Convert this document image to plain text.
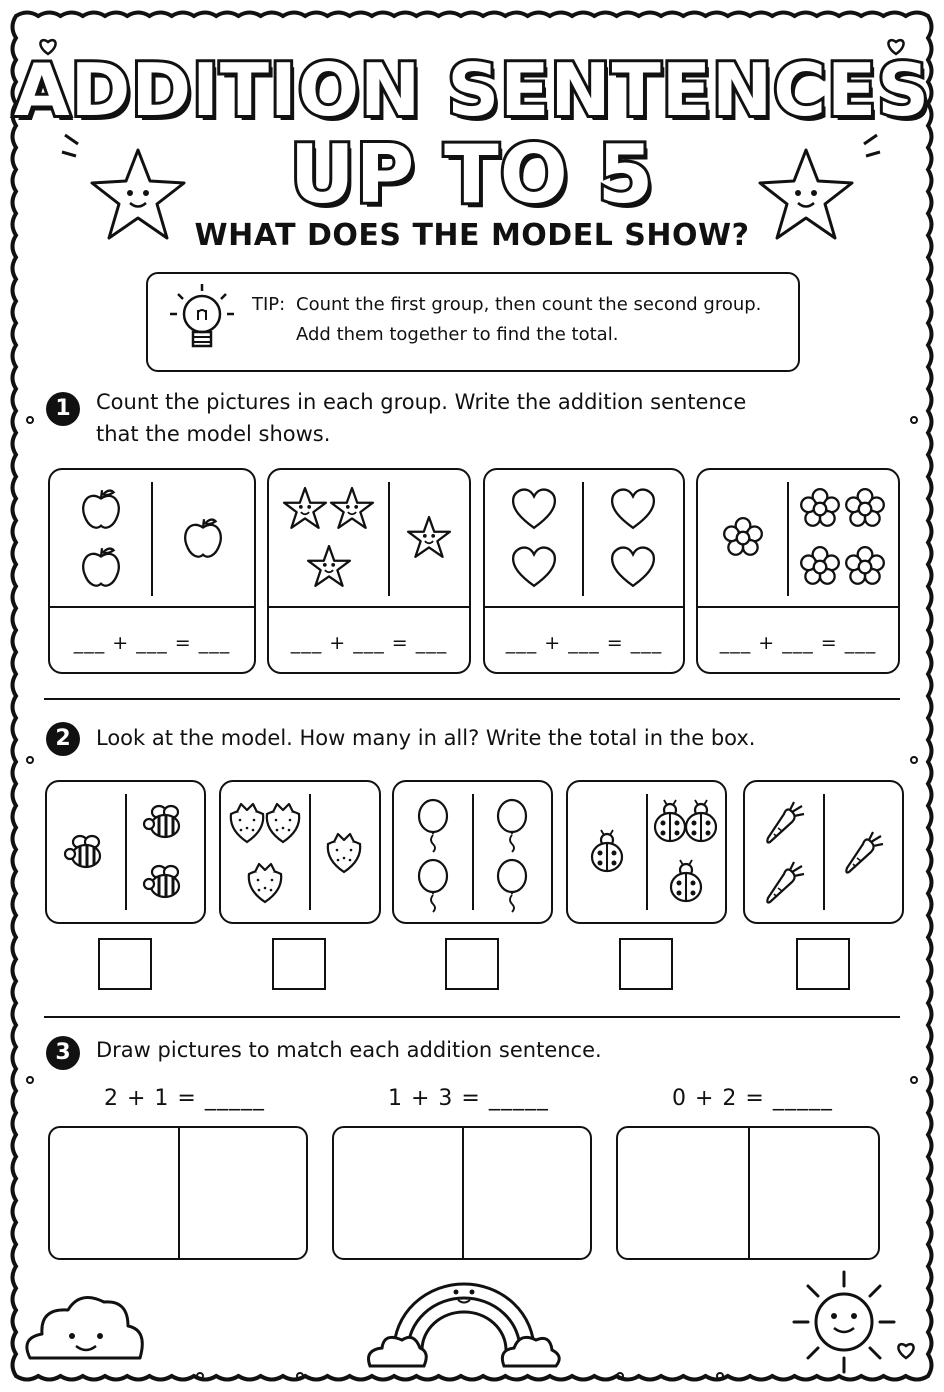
ADDITION SENTENCES
UP TO 5
WHAT DOES THE MODEL SHOW?
TIP: Count the first group, then count the second group.
Add them together to find the total.
1	Count the pictures in each group. Write the addition sentence
that the model shows.
___ + ___ = ___	___ + ___ = ___	___ + ___ = ___	___ + ___ = ___
2	Look at the model. How many in all? Write the total in the box.
3	Draw pictures to match each addition sentence.
2 + 1 = _____	1 + 3 = _____	0 + 2 = _____
